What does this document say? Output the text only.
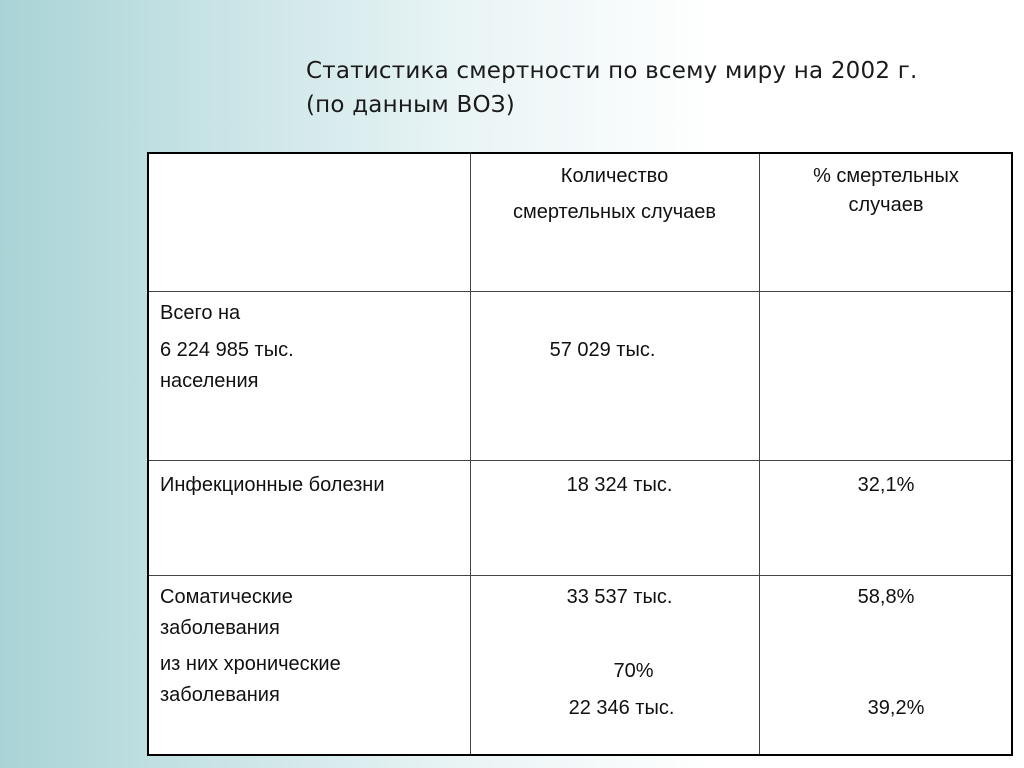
Статистика смертности по всему миру на 2002 г.
(по данным ВОЗ)
Количество
смертельных случаев
% смертельных
случаев
Всего на
6 224 985 тыс.
населения
57 029 тыс.
Инфекционные болезни	18 324 тыс.	32,1%
Соматические
заболевания
из них хронические
заболевания
33 537 тыс.
70%
22 346 тыс.
58,8%
39,2%
